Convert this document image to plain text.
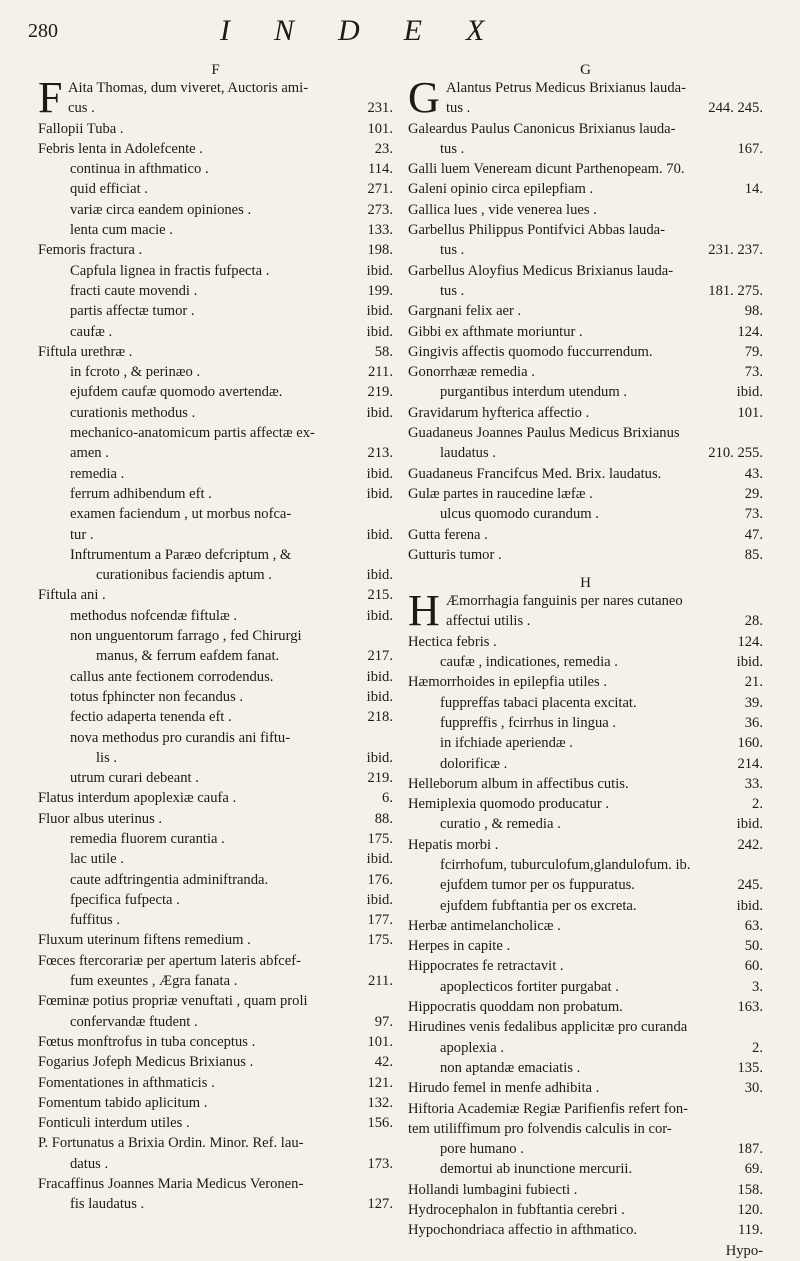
280	INDEX
F
F Aita Thomas, dum viveret, Auctoris ami-
cus .	231.
Fallopii Tuba .	101.
Febris lenta in Adolefcente .	23.
continua in afthmatico .	114.
quid efficiat .	271.
variæ circa eandem opiniones .	273.
lenta cum macie .	133.
Femoris fractura .	198.
Capfula lignea in fractis fufpecta .	ibid.
fracti caute movendi .	199.
partis affectæ tumor .	ibid.
caufæ .	ibid.
Fiftula urethræ .	58.
in fcroto , & perinæo .	211.
ejufdem caufæ quomodo avertendæ.	219.
curationis methodus .	ibid.
mechanico-anatomicum partis affectæ ex-
amen .	213.
remedia .	ibid.
ferrum adhibendum eft .	ibid.
examen faciendum , ut morbus nofca-
tur .	ibid.
Inftrumentum a Paræo defcriptum , &
curationibus faciendis aptum .	ibid.
Fiftula ani .	215.
methodus nofcendæ fiftulæ .	ibid.
non unguentorum farrago , fed Chirurgi
manus, & ferrum eafdem fanat.	217.
callus ante fectionem corrodendus.	ibid.
totus fphincter non fecandus .	ibid.
fectio adaperta tenenda eft .	218.
nova methodus pro curandis ani fiftu-
lis .	ibid.
utrum curari debeant .	219.
Flatus interdum apoplexiæ caufa .	6.
Fluor albus uterinus .	88.
remedia fluorem curantia .	175.
lac utile .	ibid.
caute adftringentia adminiftranda.	176.
fpecifica fufpecta .	ibid.
fuffitus .	177.
Fluxum uterinum fiftens remedium .	175.
Fœces ftercorariæ per apertum lateris abfcef-
fum exeuntes , Ægra fanata .	211.
Fœminæ potius propriæ venuftati , quam proli
confervandæ ftudent .	97.
Fœtus monftrofus in tuba conceptus .	101.
Fogarius Jofeph Medicus Brixianus .	42.
Fomentationes in afthmaticis .	121.
Fomentum tabido aplicitum .	132.
Fonticuli interdum utiles .	156.
P. Fortunatus a Brixia Ordin. Minor. Ref. lau-
datus .	173.
Fracaffinus Joannes Maria Medicus Veronen-
fis laudatus .	127.
G
G Alantus Petrus Medicus Brixianus lauda-
tus .	244. 245.
Galeardus Paulus Canonicus Brixianus lauda-
tus .	167.
Galli luem Veneream dicunt Parthenopeam. 70.
Galeni opinio circa epilepfiam .	14.
Gallica lues , vide venerea lues .
Garbellus Philippus Pontifvici Abbas lauda-
tus .	231. 237.
Garbellus Aloyfius Medicus Brixianus lauda-
tus .	181. 275.
Gargnani felix aer .	98.
Gibbi ex afthmate moriuntur .	124.
Gingivis affectis quomodo fuccurrendum.	79.
Gonorrhææ remedia .	73.
purgantibus interdum utendum .	ibid.
Gravidarum hyfterica affectio .	101.
Guadaneus Joannes Paulus Medicus Brixianus
laudatus .	210. 255.
Guadaneus Francifcus Med. Brix. laudatus.	43.
Gulæ partes in raucedine læfæ .	29.
ulcus quomodo curandum .	73.
Gutta ferena .	47.
Gutturis tumor .	85.
H
H Æmorrhagia fanguinis per nares cutaneo
affectui utilis .	28.
Hectica febris .	124.
caufæ , indicationes, remedia .	ibid.
Hæmorrhoides in epilepfia utiles .	21.
fuppreffas tabaci placenta excitat.	39.
fuppreffis , fcirrhus in lingua .	36.
in ifchiade aperiendæ .	160.
dolorificæ .	214.
Helleborum album in affectibus cutis.	33.
Hemiplexia quomodo producatur .	2.
curatio , & remedia .	ibid.
Hepatis morbi .	242.
fcirrhofum, tuburculofum,glandulofum. ib.
ejufdem tumor per os fuppuratus.	245.
ejufdem fubftantia per os excreta.	ibid.
Herbæ antimelancholicæ .	63.
Herpes in capite .	50.
Hippocrates fe retractavit .	60.
apoplecticos fortiter purgabat .	3.
Hippocratis quoddam non probatum.	163.
Hirudines venis fedalibus applicitæ pro curanda
apoplexia .	2.
non aptandæ emaciatis .	135.
Hirudo femel in menfe adhibita .	30.
Hiftoria Academiæ Regiæ Parifienfis refert fon-
tem utiliffimum pro folvendis calculis in cor-
pore humano .	187.
demortui ab inunctione mercurii.	69.
Hollandi lumbagini fubiecti .	158.
Hydrocephalon in fubftantia cerebri .	120.
Hypochondriaca affectio in afthmatico.	119.
Hypo-
